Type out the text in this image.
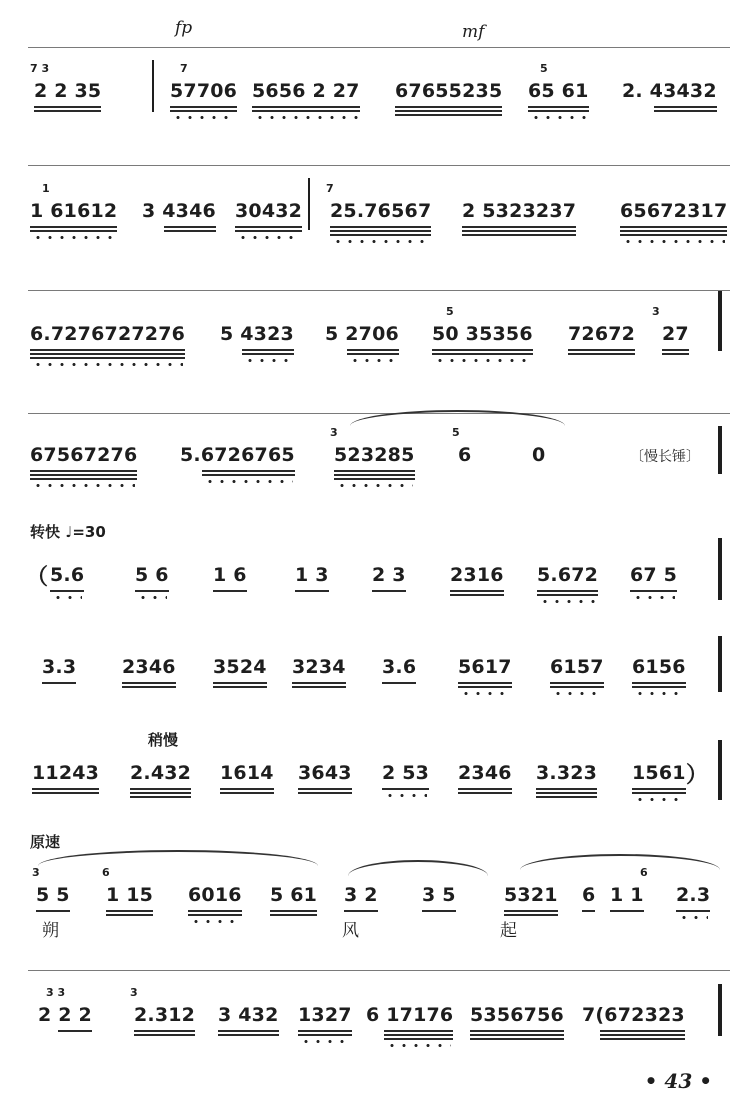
fp	mf
7 3
2 2 35
7
57706 5656 2 27 67655235
5
65 61 2. 43432
1
1 61612 3 4346 30432
7
25.76567 2 5323237 65672317
6.7276727276 5 4323 5 2706
5
50 35356 72672
3
27
67567276 5.6726765
3
523285
5
6	0	〔慢长锤〕
转快 ♩=30
（ 5.6	5 6 1 6	1 3 2 3 2316 5.672 67 5
3.3 2346 3524 3234 3.6 5617 6157 6156
稍慢
11243 2.432 1614 3643 2 53 2346 3.323 1561 ）
原速
3
5 5
6
1 15 6016 5 61 3 2 3 5	5321 6
6
1 1 2.3
朔	风	起
3 3
2 2 2
3
2.312 3 432 1327 6 17176 5356756 7(672323
• 43 •
